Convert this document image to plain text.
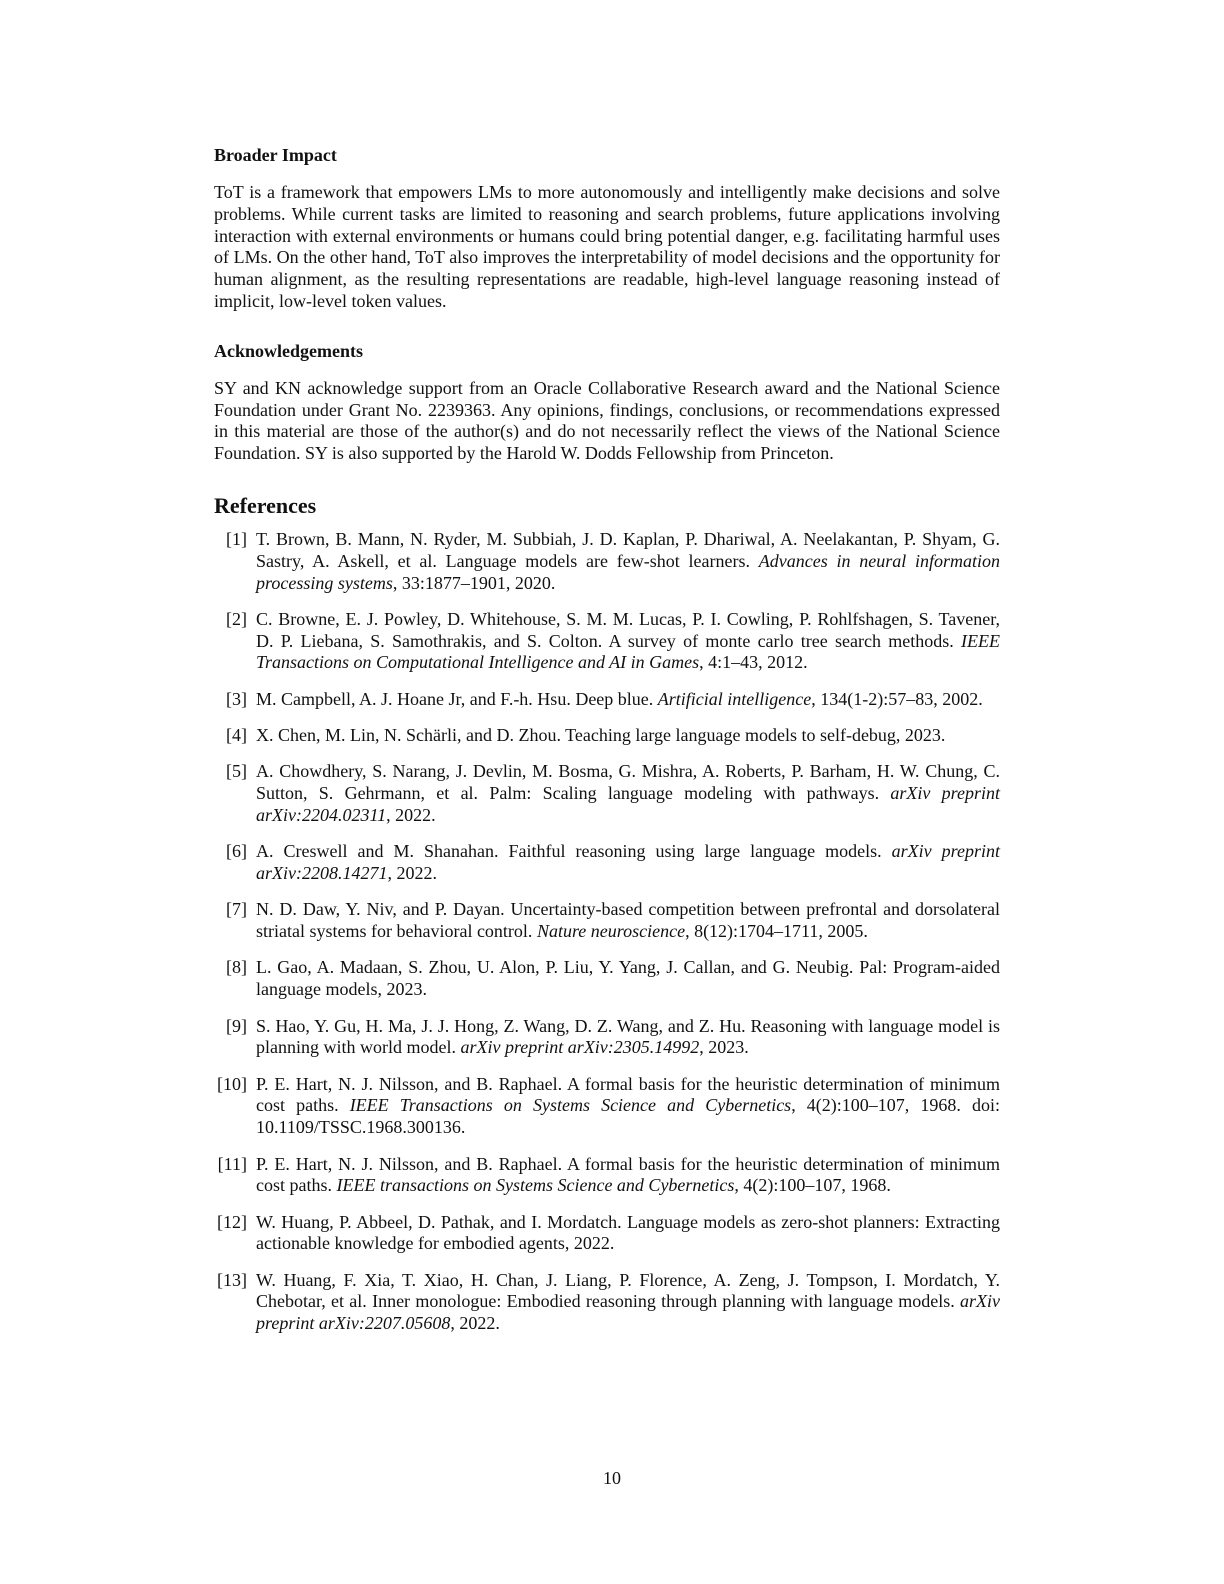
Broader Impact

ToT is a framework that empowers LMs to more autonomously and intelligently make decisions and solve problems. While current tasks are limited to reasoning and search problems, future applications involving interaction with external environments or humans could bring potential danger, e.g. facilitating harmful uses of LMs. On the other hand, ToT also improves the interpretability of model decisions and the opportunity for human alignment, as the resulting representations are readable, high-level language reasoning instead of implicit, low-level token values.

Acknowledgements

SY and KN acknowledge support from an Oracle Collaborative Research award and the National Science Foundation under Grant No. 2239363. Any opinions, findings, conclusions, or recommendations expressed in this material are those of the author(s) and do not necessarily reflect the views of the National Science Foundation. SY is also supported by the Harold W. Dodds Fellowship from Princeton.

References
[1] T. Brown, B. Mann, N. Ryder, M. Subbiah, J. D. Kaplan, P. Dhariwal, A. Neelakantan, P. Shyam, G. Sastry, A. Askell, et al. Language models are few-shot learners. Advances in neural information processing systems, 33:1877–1901, 2020.
[2] C. Browne, E. J. Powley, D. Whitehouse, S. M. M. Lucas, P. I. Cowling, P. Rohlfshagen, S. Tavener, D. P. Liebana, S. Samothrakis, and S. Colton. A survey of monte carlo tree search methods. IEEE Transactions on Computational Intelligence and AI in Games, 4:1–43, 2012.
[3] M. Campbell, A. J. Hoane Jr, and F.-h. Hsu. Deep blue. Artificial intelligence, 134(1-2):57–83, 2002.
[4] X. Chen, M. Lin, N. Schärli, and D. Zhou. Teaching large language models to self-debug, 2023.
[5] A. Chowdhery, S. Narang, J. Devlin, M. Bosma, G. Mishra, A. Roberts, P. Barham, H. W. Chung, C. Sutton, S. Gehrmann, et al. Palm: Scaling language modeling with pathways. arXiv preprint arXiv:2204.02311, 2022.
[6] A. Creswell and M. Shanahan. Faithful reasoning using large language models. arXiv preprint arXiv:2208.14271, 2022.
[7] N. D. Daw, Y. Niv, and P. Dayan. Uncertainty-based competition between prefrontal and dorsolateral striatal systems for behavioral control. Nature neuroscience, 8(12):1704–1711, 2005.
[8] L. Gao, A. Madaan, S. Zhou, U. Alon, P. Liu, Y. Yang, J. Callan, and G. Neubig. Pal: Program-aided language models, 2023.
[9] S. Hao, Y. Gu, H. Ma, J. J. Hong, Z. Wang, D. Z. Wang, and Z. Hu. Reasoning with language model is planning with world model. arXiv preprint arXiv:2305.14992, 2023.
[10] P. E. Hart, N. J. Nilsson, and B. Raphael. A formal basis for the heuristic determination of minimum cost paths. IEEE Transactions on Systems Science and Cybernetics, 4(2):100–107, 1968. doi: 10.1109/TSSC.1968.300136.
[11] P. E. Hart, N. J. Nilsson, and B. Raphael. A formal basis for the heuristic determination of minimum cost paths. IEEE transactions on Systems Science and Cybernetics, 4(2):100–107, 1968.
[12] W. Huang, P. Abbeel, D. Pathak, and I. Mordatch. Language models as zero-shot planners: Extracting actionable knowledge for embodied agents, 2022.
[13] W. Huang, F. Xia, T. Xiao, H. Chan, J. Liang, P. Florence, A. Zeng, J. Tompson, I. Mordatch, Y. Chebotar, et al. Inner monologue: Embodied reasoning through planning with language models. arXiv preprint arXiv:2207.05608, 2022.
10
